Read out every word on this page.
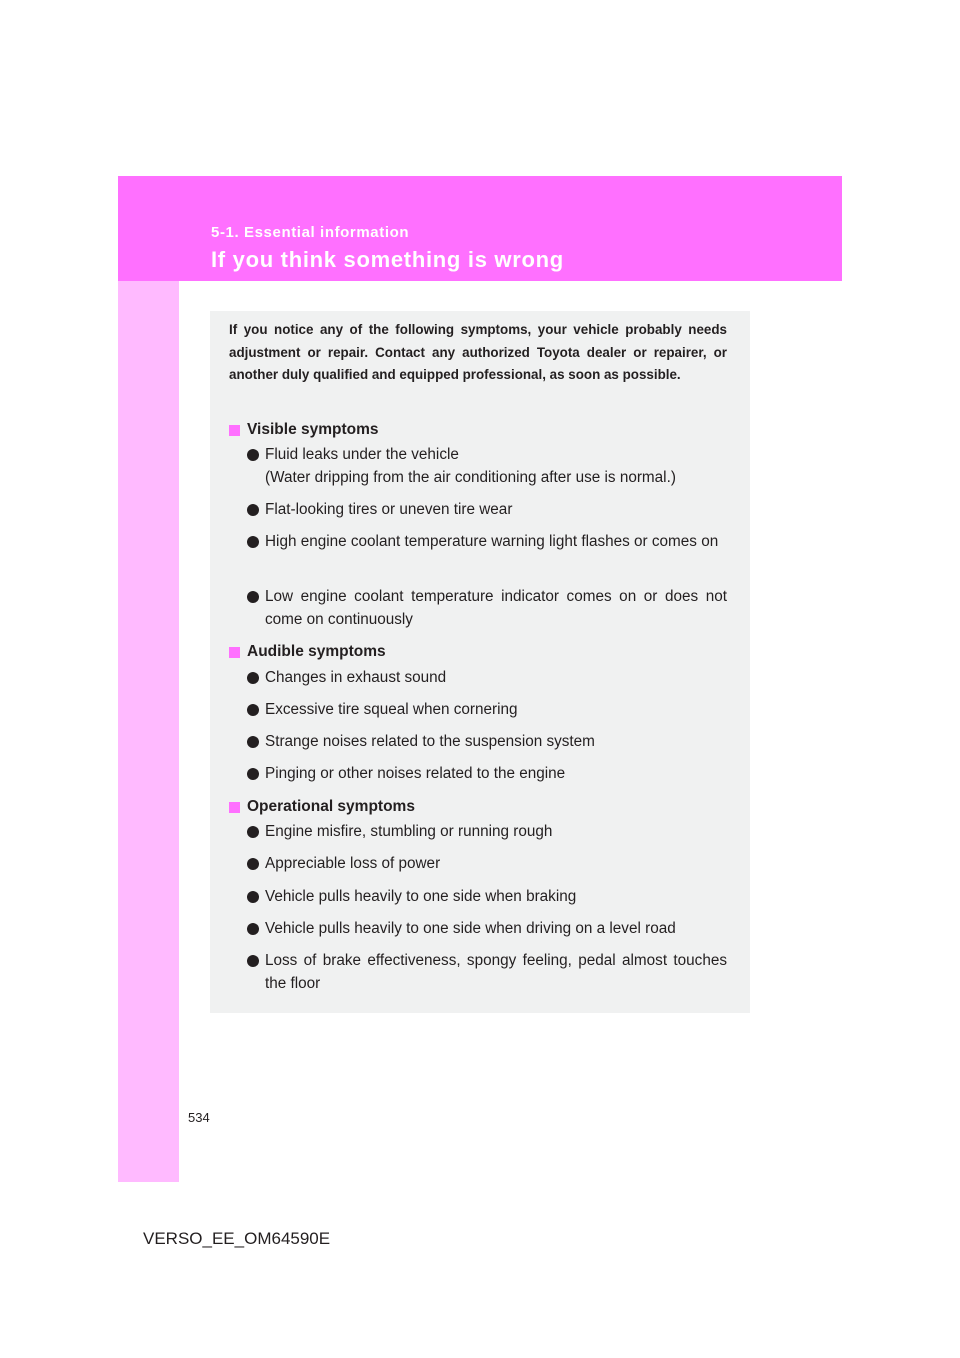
5-1. Essential information
If you think something is wrong
If you notice any of the following symptoms, your vehicle probably needs adjustment or repair. Contact any authorized Toyota dealer or repairer, or another duly qualified and equipped professional, as soon as possible.
Visible symptoms
Fluid leaks under the vehicle
(Water dripping from the air conditioning after use is normal.)
Flat-looking tires or uneven tire wear
High engine coolant temperature warning light flashes or comes on
Low engine coolant temperature indicator comes on or does not come on continuously
Audible symptoms
Changes in exhaust sound
Excessive tire squeal when cornering
Strange noises related to the suspension system
Pinging or other noises related to the engine
Operational symptoms
Engine misfire, stumbling or running rough
Appreciable loss of power
Vehicle pulls heavily to one side when braking
Vehicle pulls heavily to one side when driving on a level road
Loss of brake effectiveness, spongy feeling, pedal almost touches the floor
534
VERSO_EE_OM64590E
